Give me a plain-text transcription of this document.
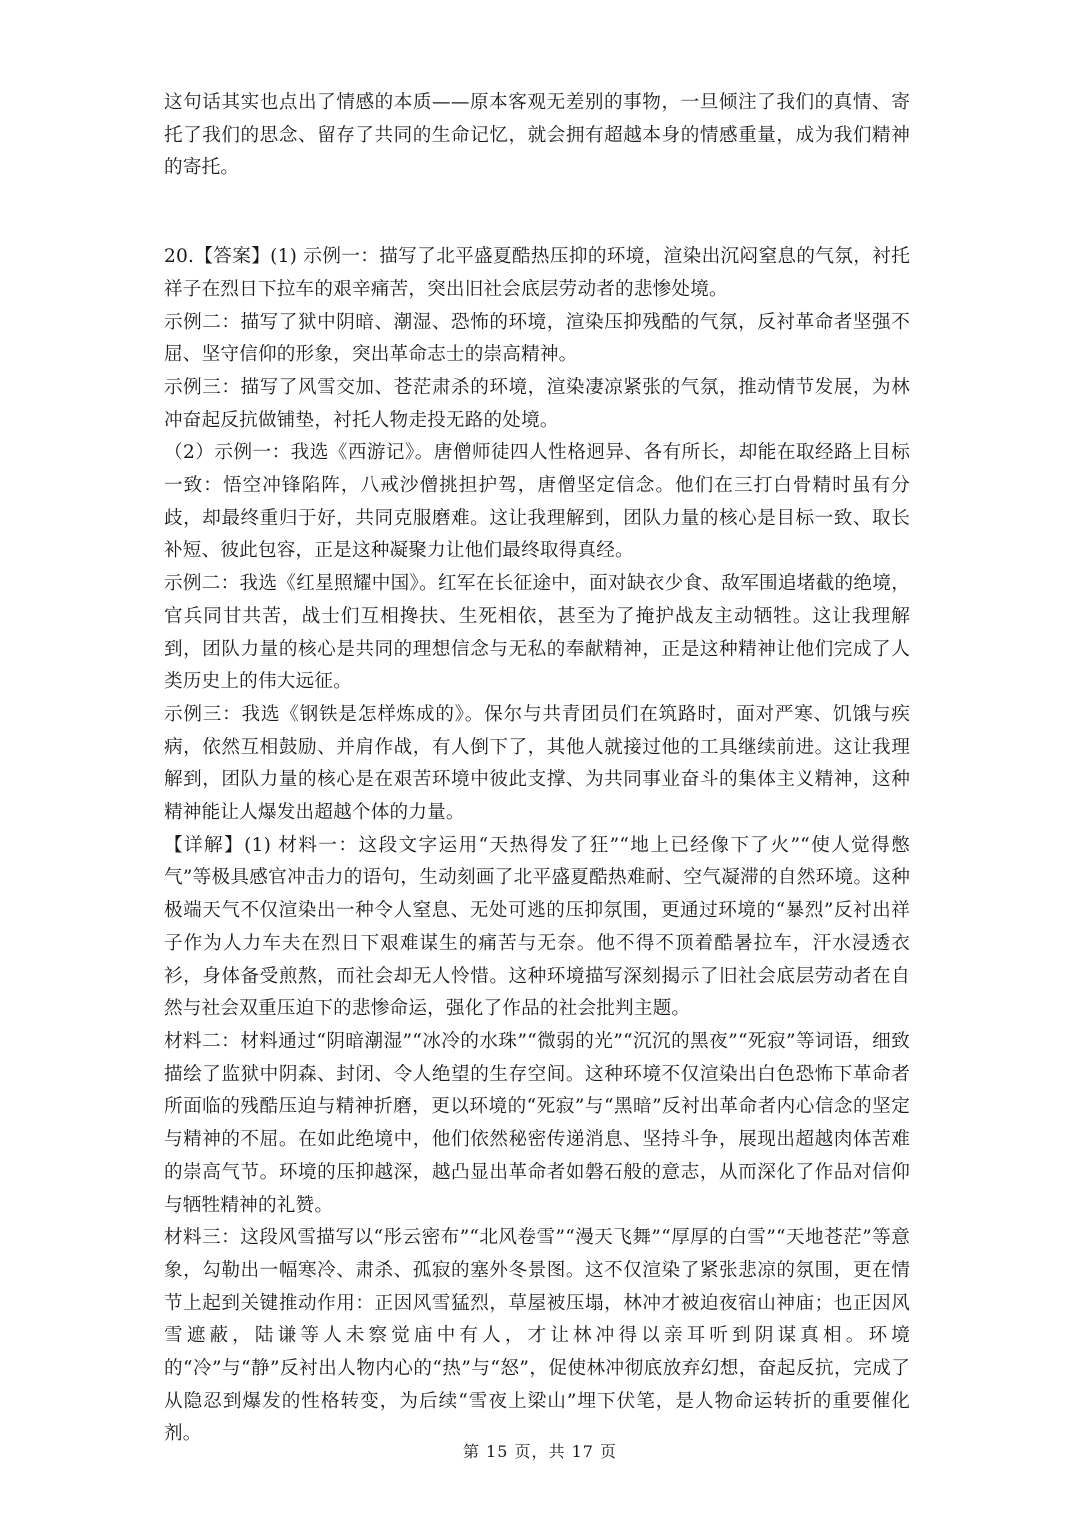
这句话其实也点出了情感的本质——原本客观无差别的事物，一旦倾注了我们的真情、寄托了我们的思念、留存了共同的生命记忆，就会拥有超越本身的情感重量，成为我们精神的寄托。

20.【答案】(1) 示例一：描写了北平盛夏酷热压抑的环境，渲染出沉闷窒息的气氛，衬托祥子在烈日下拉车的艰辛痛苦，突出旧社会底层劳动者的悲惨处境。

示例二：描写了狱中阴暗、潮湿、恐怖的环境，渲染压抑残酷的气氛，反衬革命者坚强不屈、坚守信仰的形象，突出革命志士的崇高精神。

示例三：描写了风雪交加、苍茫肃杀的环境，渲染凄凉紧张的气氛，推动情节发展，为林冲奋起反抗做铺垫，衬托人物走投无路的处境。

（2）示例一：我选《西游记》。唐僧师徒四人性格迥异、各有所长，却能在取经路上目标一致：悟空冲锋陷阵，八戒沙僧挑担护驾，唐僧坚定信念。他们在三打白骨精时虽有分歧，却最终重归于好，共同克服磨难。这让我理解到，团队力量的核心是目标一致、取长补短、彼此包容，正是这种凝聚力让他们最终取得真经。

示例二：我选《红星照耀中国》。红军在长征途中，面对缺衣少食、敌军围追堵截的绝境，官兵同甘共苦，战士们互相搀扶、生死相依，甚至为了掩护战友主动牺牲。这让我理解到，团队力量的核心是共同的理想信念与无私的奉献精神，正是这种精神让他们完成了人类历史上的伟大远征。

示例三：我选《钢铁是怎样炼成的》。保尔与共青团员们在筑路时，面对严寒、饥饿与疾病，依然互相鼓励、并肩作战，有人倒下了，其他人就接过他的工具继续前进。这让我理解到，团队力量的核心是在艰苦环境中彼此支撑、为共同事业奋斗的集体主义精神，这种精神能让人爆发出超越个体的力量。

【详解】(1) 材料一：这段文字运用“天热得发了狂”“地上已经像下了火”“使人觉得憋气”等极具感官冲击力的语句，生动刻画了北平盛夏酷热难耐、空气凝滞的自然环境。这种极端天气不仅渲染出一种令人窒息、无处可逃的压抑氛围，更通过环境的“暴烈”反衬出祥子作为人力车夫在烈日下艰难谋生的痛苦与无奈。他不得不顶着酷暑拉车，汗水浸透衣衫，身体备受煎熬，而社会却无人怜惜。这种环境描写深刻揭示了旧社会底层劳动者在自然与社会双重压迫下的悲惨命运，强化了作品的社会批判主题。

材料二：材料通过“阴暗潮湿”“冰冷的水珠”“微弱的光”“沉沉的黑夜”“死寂”等词语，细致描绘了监狱中阴森、封闭、令人绝望的生存空间。这种环境不仅渲染出白色恐怖下革命者所面临的残酷压迫与精神折磨，更以环境的“死寂”与“黑暗”反衬出革命者内心信念的坚定与精神的不屈。在如此绝境中，他们依然秘密传递消息、坚持斗争，展现出超越肉体苦难的崇高气节。环境的压抑越深，越凸显出革命者如磐石般的意志，从而深化了作品对信仰与牺牲精神的礼赞。

材料三：这段风雪描写以“彤云密布”“北风卷雪”“漫天飞舞”“厚厚的白雪”“天地苍茫”等意象，勾勒出一幅寒冷、肃杀、孤寂的塞外冬景图。这不仅渲染了紧张悲凉的氛围，更在情节上起到关键推动作用：正因风雪猛烈，草屋被压塌，林冲才被迫夜宿山神庙；也正因风雪遮蔽，陆谦等人未察觉庙中有人，才让林冲得以亲耳听到阴谋真相。环境的“冷”与“静”反衬出人物内心的“热”与“怒”，促使林冲彻底放弃幻想，奋起反抗，完成了从隐忍到爆发的性格转变，为后续“雪夜上梁山”埋下伏笔，是人物命运转折的重要催化剂。

第 15 页，共 17 页
